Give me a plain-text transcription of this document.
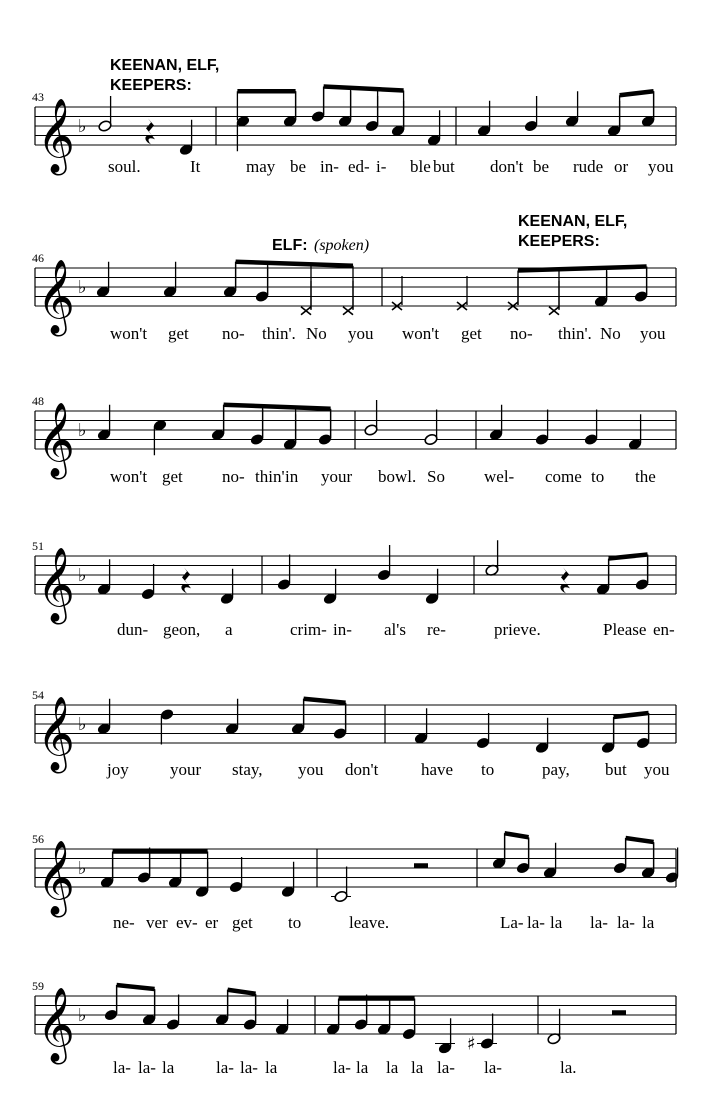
43
𝄞 ♭
KEENAN, ELF,
KEEPERS:
soul.	It	may be in- ed- i- ble but don't be rude or you
46
𝄞 ♭
ELF: (spoken)
KEENAN, ELF,
KEEPERS:
won't get no- thin'. No you won't get no- thin'. No you
48
𝄞 ♭
won't get no- thin' in your bowl. So wel- come to the
51
𝄞 ♭
dun- geon, a	crim- in- al's re-	prieve.	Please en-
54
𝄞 ♭
joy your stay, you don't	have to	pay, but you
56
𝄞 ♭
ne- ver ev- er get to	leave.	La- la- la la- la- la
59
𝄞 ♭
♯
la- la- la la- la- la	la- la la la la- la-	la.
